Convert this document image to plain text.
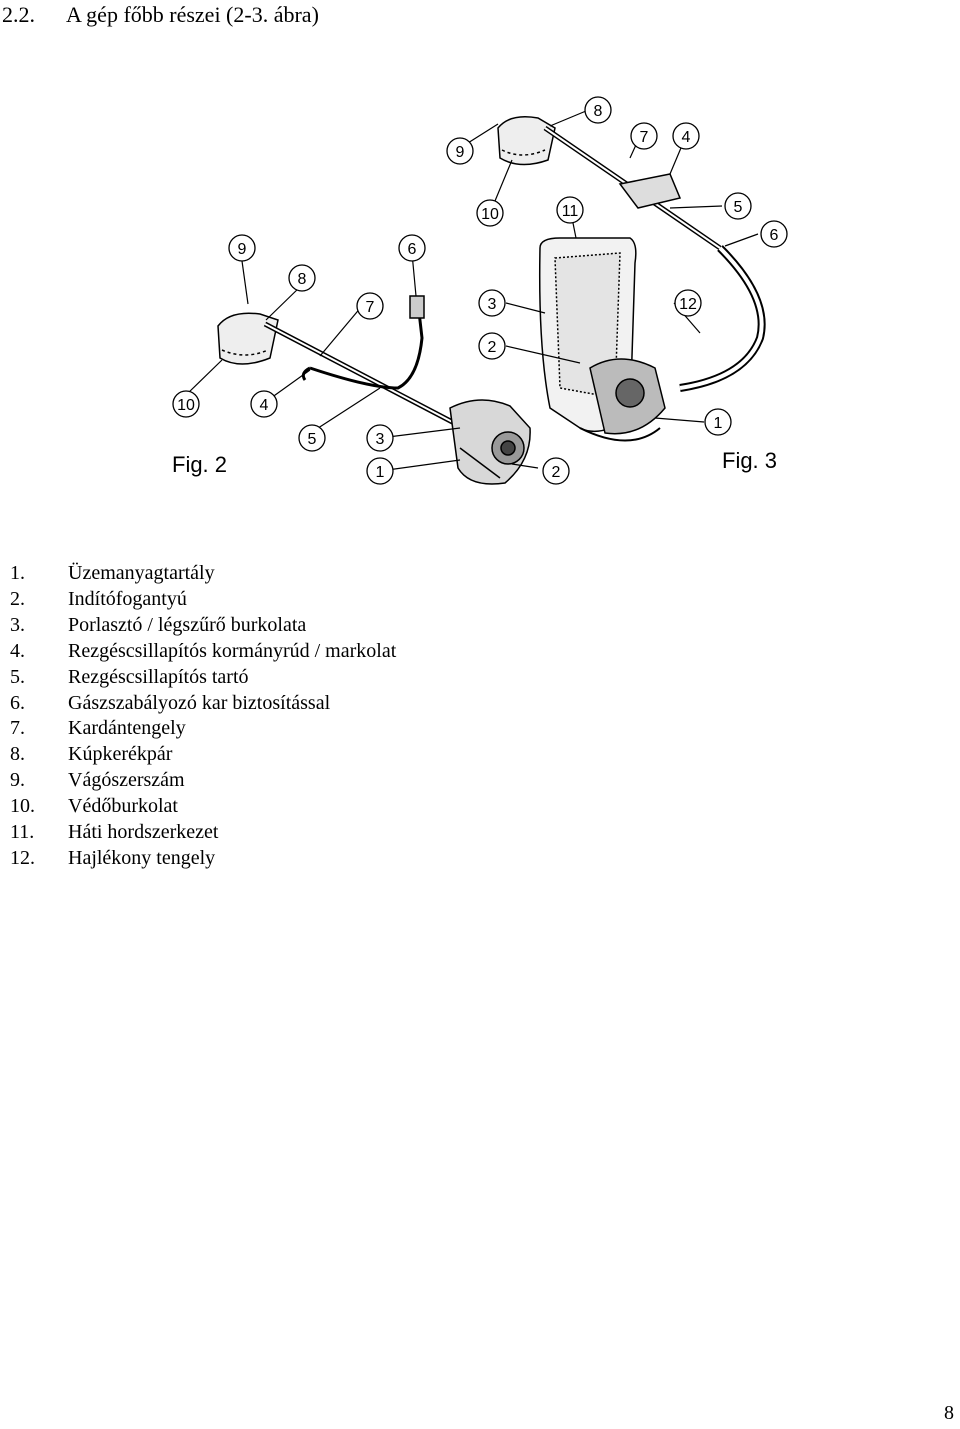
2.2. A gép főbb részei (2-3. ábra)
9
8
7
6
10	4
5	3
1	2
8
9
7 4
10	11	5
6
3	12
2
1
Fig. 2	Fig. 3
1. Üzemanyagtartály
2. Indítófogantyú
3. Porlasztó / légszűrő burkolata
4. Rezgéscsillapítós kormányrúd / markolat
5. Rezgéscsillapítós tartó
6. Gászszabályozó kar biztosítással
7. Kardántengely
8. Kúpkerékpár
9. Vágószerszám
10. Védőburkolat
11. Háti hordszerkezet
12. Hajlékony tengely
8
